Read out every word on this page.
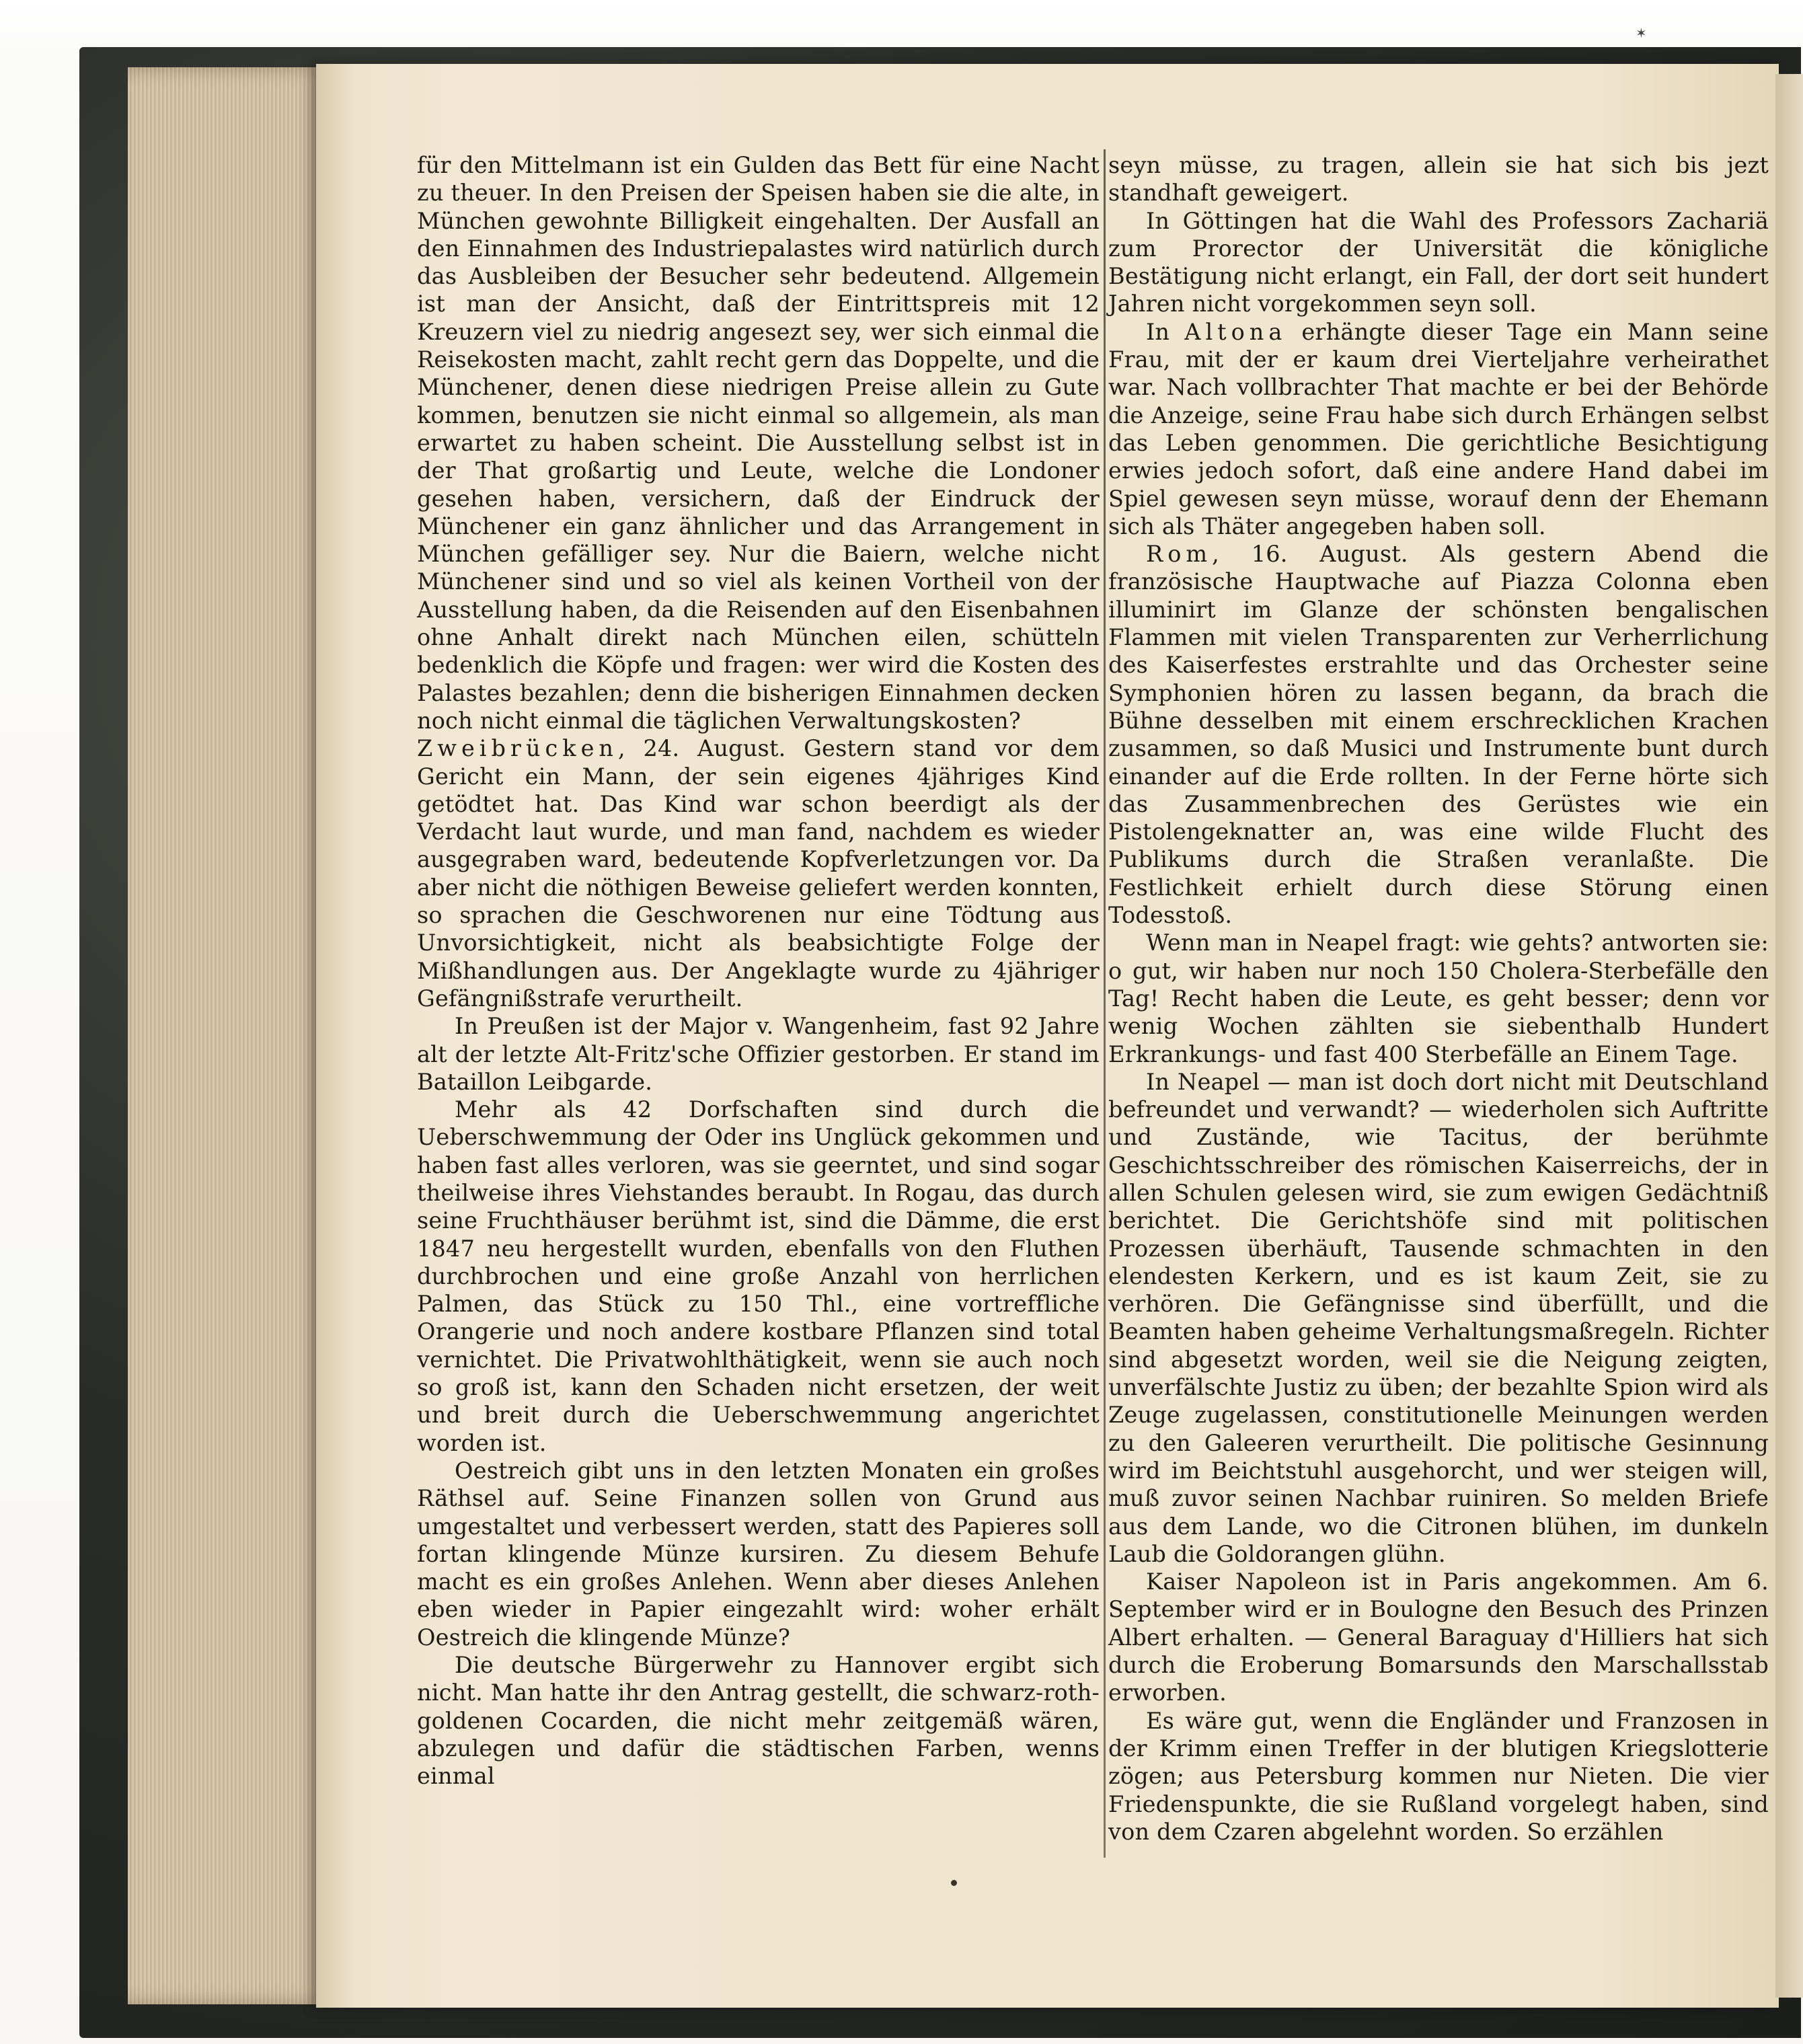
✶

für den Mittelmann ist ein Gulden das Bett für eine Nacht zu theuer. In den Preisen der Speisen haben sie die alte, in München gewohnte Billigkeit eingehalten. Der Ausfall an den Einnahmen des Industriepalastes wird natürlich durch das Ausbleiben der Besucher sehr bedeutend. Allgemein ist man der Ansicht, daß der Eintrittspreis mit 12 Kreuzern viel zu niedrig angesezt sey, wer sich einmal die Reisekosten macht, zahlt recht gern das Doppelte, und die Münchener, denen diese niedrigen Preise allein zu Gute kommen, benutzen sie nicht einmal so allgemein, als man erwartet zu haben scheint. Die Ausstellung selbst ist in der That großartig und Leute, welche die Londoner gesehen haben, versichern, daß der Eindruck der Münchener ein ganz ähnlicher und das Arrangement in München gefälliger sey. Nur die Baiern, welche nicht Münchener sind und so viel als keinen Vortheil von der Ausstellung haben, da die Reisenden auf den Eisenbahnen ohne Anhalt direkt nach München eilen, schütteln bedenklich die Köpfe und fragen: wer wird die Kosten des Palastes bezahlen; denn die bisherigen Einnahmen decken noch nicht einmal die täglichen Verwaltungskosten?

Zweibrücken, 24. August. Gestern stand vor dem Gericht ein Mann, der sein eigenes 4jähriges Kind getödtet hat. Das Kind war schon beerdigt als der Verdacht laut wurde, und man fand, nachdem es wieder ausgegraben ward, bedeutende Kopfverletzungen vor. Da aber nicht die nöthigen Beweise geliefert werden konnten, so sprachen die Geschworenen nur eine Tödtung aus Unvorsichtigkeit, nicht als beabsichtigte Folge der Mißhandlungen aus. Der Angeklagte wurde zu 4jähriger Gefängnißstrafe verurtheilt.

In Preußen ist der Major v. Wangenheim, fast 92 Jahre alt der letzte Alt-Fritz'sche Offizier gestorben. Er stand im Bataillon Leibgarde.

Mehr als 42 Dorfschaften sind durch die Ueberschwemmung der Oder ins Unglück gekommen und haben fast alles verloren, was sie geerntet, und sind sogar theilweise ihres Viehstandes beraubt. In Rogau, das durch seine Fruchthäuser berühmt ist, sind die Dämme, die erst 1847 neu hergestellt wurden, ebenfalls von den Fluthen durchbrochen und eine große Anzahl von herrlichen Palmen, das Stück zu 150 Thl., eine vortreffliche Orangerie und noch andere kostbare Pflanzen sind total vernichtet. Die Privatwohlthätigkeit, wenn sie auch noch so groß ist, kann den Schaden nicht ersetzen, der weit und breit durch die Ueberschwemmung angerichtet worden ist.

Oestreich gibt uns in den letzten Monaten ein großes Räthsel auf. Seine Finanzen sollen von Grund aus umgestaltet und verbessert werden, statt des Papieres soll fortan klingende Münze kursiren. Zu diesem Behufe macht es ein großes Anlehen. Wenn aber dieses Anlehen eben wieder in Papier eingezahlt wird: woher erhält Oestreich die klingende Münze?

Die deutsche Bürgerwehr zu Hannover ergibt sich nicht. Man hatte ihr den Antrag gestellt, die schwarz-roth-goldenen Cocarden, die nicht mehr zeitgemäß wären, abzulegen und dafür die städtischen Farben, wenns einmal

seyn müsse, zu tragen, allein sie hat sich bis jezt standhaft geweigert.

In Göttingen hat die Wahl des Professors Zachariä zum Prorector der Universität die königliche Bestätigung nicht erlangt, ein Fall, der dort seit hundert Jahren nicht vorgekommen seyn soll.

In Altona erhängte dieser Tage ein Mann seine Frau, mit der er kaum drei Vierteljahre verheirathet war. Nach vollbrachter That machte er bei der Behörde die Anzeige, seine Frau habe sich durch Erhängen selbst das Leben genommen. Die gerichtliche Besichtigung erwies jedoch sofort, daß eine andere Hand dabei im Spiel gewesen seyn müsse, worauf denn der Ehemann sich als Thäter angegeben haben soll.

Rom, 16. August. Als gestern Abend die französische Hauptwache auf Piazza Colonna eben illuminirt im Glanze der schönsten bengalischen Flammen mit vielen Transparenten zur Verherrlichung des Kaiserfestes erstrahlte und das Orchester seine Symphonien hören zu lassen begann, da brach die Bühne desselben mit einem erschrecklichen Krachen zusammen, so daß Musici und Instrumente bunt durch einander auf die Erde rollten. In der Ferne hörte sich das Zusammenbrechen des Gerüstes wie ein Pistolengeknatter an, was eine wilde Flucht des Publikums durch die Straßen veranlaßte. Die Festlichkeit erhielt durch diese Störung einen Todesstoß.

Wenn man in Neapel fragt: wie gehts? antworten sie: o gut, wir haben nur noch 150 Cholera-Sterbefälle den Tag! Recht haben die Leute, es geht besser; denn vor wenig Wochen zählten sie siebenthalb Hundert Erkrankungs- und fast 400 Sterbefälle an Einem Tage.

In Neapel — man ist doch dort nicht mit Deutschland befreundet und verwandt? — wiederholen sich Auftritte und Zustände, wie Tacitus, der berühmte Geschichtsschreiber des römischen Kaiserreichs, der in allen Schulen gelesen wird, sie zum ewigen Gedächtniß berichtet. Die Gerichtshöfe sind mit politischen Prozessen überhäuft, Tausende schmachten in den elendesten Kerkern, und es ist kaum Zeit, sie zu verhören. Die Gefängnisse sind überfüllt, und die Beamten haben geheime Verhaltungsmaßregeln. Richter sind abgesetzt worden, weil sie die Neigung zeigten, unverfälschte Justiz zu üben; der bezahlte Spion wird als Zeuge zugelassen, constitutionelle Meinungen werden zu den Galeeren verurtheilt. Die politische Gesinnung wird im Beichtstuhl ausgehorcht, und wer steigen will, muß zuvor seinen Nachbar ruiniren. So melden Briefe aus dem Lande, wo die Citronen blühen, im dunkeln Laub die Goldorangen glühn.

Kaiser Napoleon ist in Paris angekommen. Am 6. September wird er in Boulogne den Besuch des Prinzen Albert erhalten. — General Baraguay d'Hilliers hat sich durch die Eroberung Bomarsunds den Marschallsstab erworben.

Es wäre gut, wenn die Engländer und Franzosen in der Krimm einen Treffer in der blutigen Kriegslotterie zögen; aus Petersburg kommen nur Nieten. Die vier Friedenspunkte, die sie Rußland vorgelegt haben, sind von dem Czaren abgelehnt worden. So erzählen
